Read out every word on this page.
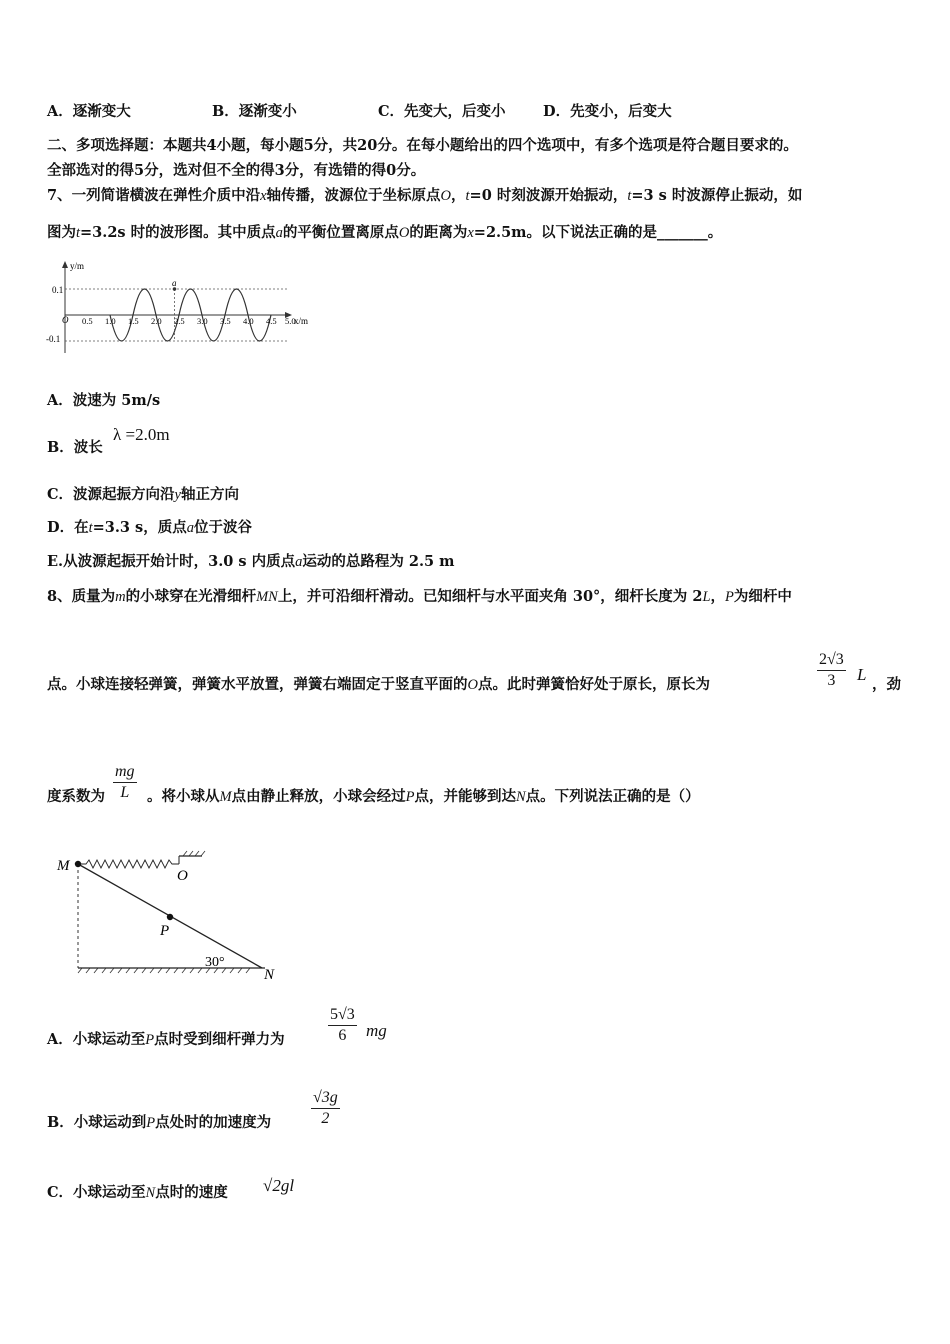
A．逐渐变大	B．逐渐变小	C．先变大，后变小	D．先变小，后变大
二、多项选择题：本题共4小题，每小题5分，共20分。在每小题给出的四个选项中，有多个选项是符合题目要求的。
全部选对的得5分，选对但不全的得3分，有选错的得0分。
7、一列简谐横波在弹性介质中沿x轴传播，波源位于坐标原点O，t=0 时刻波源开始振动，t=3 s 时波源停止振动，如
图为t=3.2s 时的波形图。其中质点a的平衡位置离原点O的距离为x=2.5m。以下说法正确的是_______。
y/m
x/m
O
0.1
-0.1
a
0.5 1.0 1.5 2.0 2.5 3.0 3.5 4.0 4.5 5.0
A．波速为 5m/s
B．波长
λ =2.0m
C．波源起振方向沿y轴正方向
D．在t=3.3 s，质点a位于波谷
E.从波源起振开始计时，3.0 s 内质点a运动的总路程为 2.5 m
8、质量为m的小球穿在光滑细杆MN上，并可沿细杆滑动。已知细杆与水平面夹角 30°，细杆长度为 2L，P为细杆中
点。小球连接轻弹簧，弹簧水平放置，弹簧右端固定于竖直平面的O点。此时弹簧恰好处于原长，原长为
2√3
3	L
，劲
度系数为
mg
L	。将小球从M点由静止释放，小球会经过P点，并能够到达N点。下列说法正确的是（）
M
O
P
N
30°
A．小球运动至P点时受到细杆弹力为
5√3
6	mg
B．小球运动到P点处时的加速度为
√3g
2
C．小球运动至N点时的速度 √2gl
